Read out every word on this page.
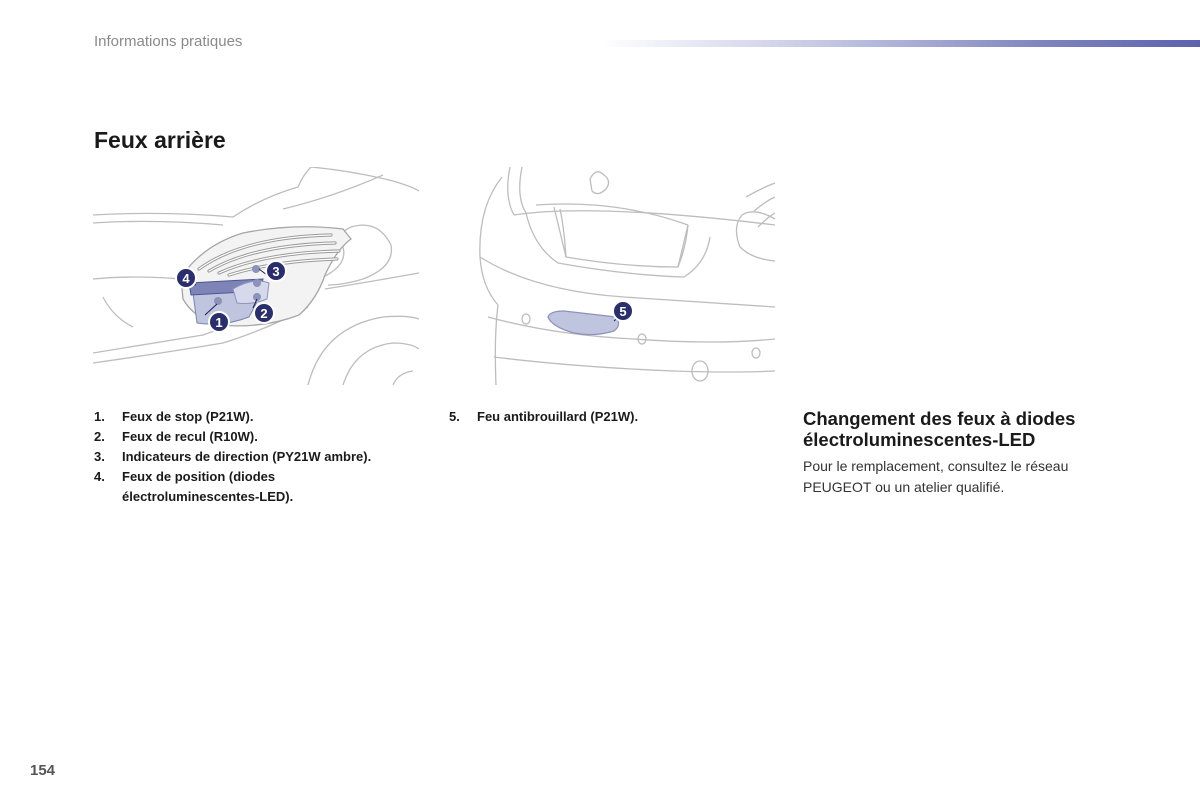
Informations pratiques
Feux arrière
1
2
3
4
5
1.	Feux de stop (P21W).
2.	Feux de recul (R10W).
3.	Indicateurs de direction (PY21W ambre).
4.	Feux de position (diodes électroluminescentes-LED).
5.	Feu antibrouillard (P21W).	Changement des feux à diodes électroluminescentes-LED

Pour le remplacement, consultez le réseau PEUGEOT ou un atelier qualifié.

154
